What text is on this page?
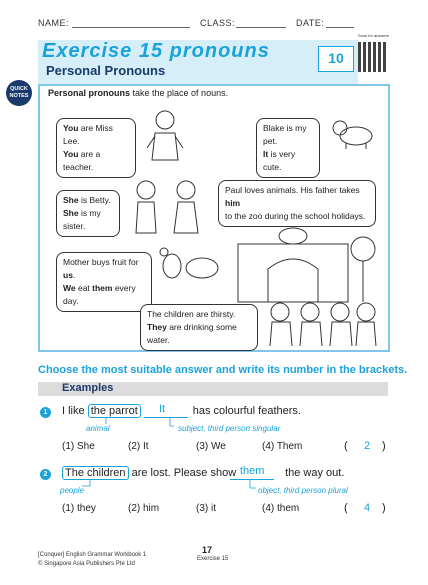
NAME:	CLASS:	DATE:
Scan for answers
Exercise 15 pronouns
Personal Pronouns
10
QUICK NOTES	Personal pronouns take the place of nouns.
You are Miss Lee.
You are a teacher.
Blake is my pet.
It is very cute.
She is Betty.
She is my sister.
Paul loves animals. His father takes him
to the zoo during the school holidays.
Mother buys fruit for us.
We eat them every day.
The children are thirsty.
They are drinking some water.
Choose the most suitable answer and write its number in the brackets.
Examples
1	I like the parrot	has colourful feathers.
It
animal	subject, third person singular
(1) She	(2) It	(3) We	(4) Them	( 2 )
2	The children are lost. Please show	the way out.
them
people	object, third person plural
(1) they	(2) him	(3) it	(4) them	( 4 )
[Conquer] English Grammar Workbook 1
© Singapore Asia Publishers Pte Ltd
17
Exercise 15
